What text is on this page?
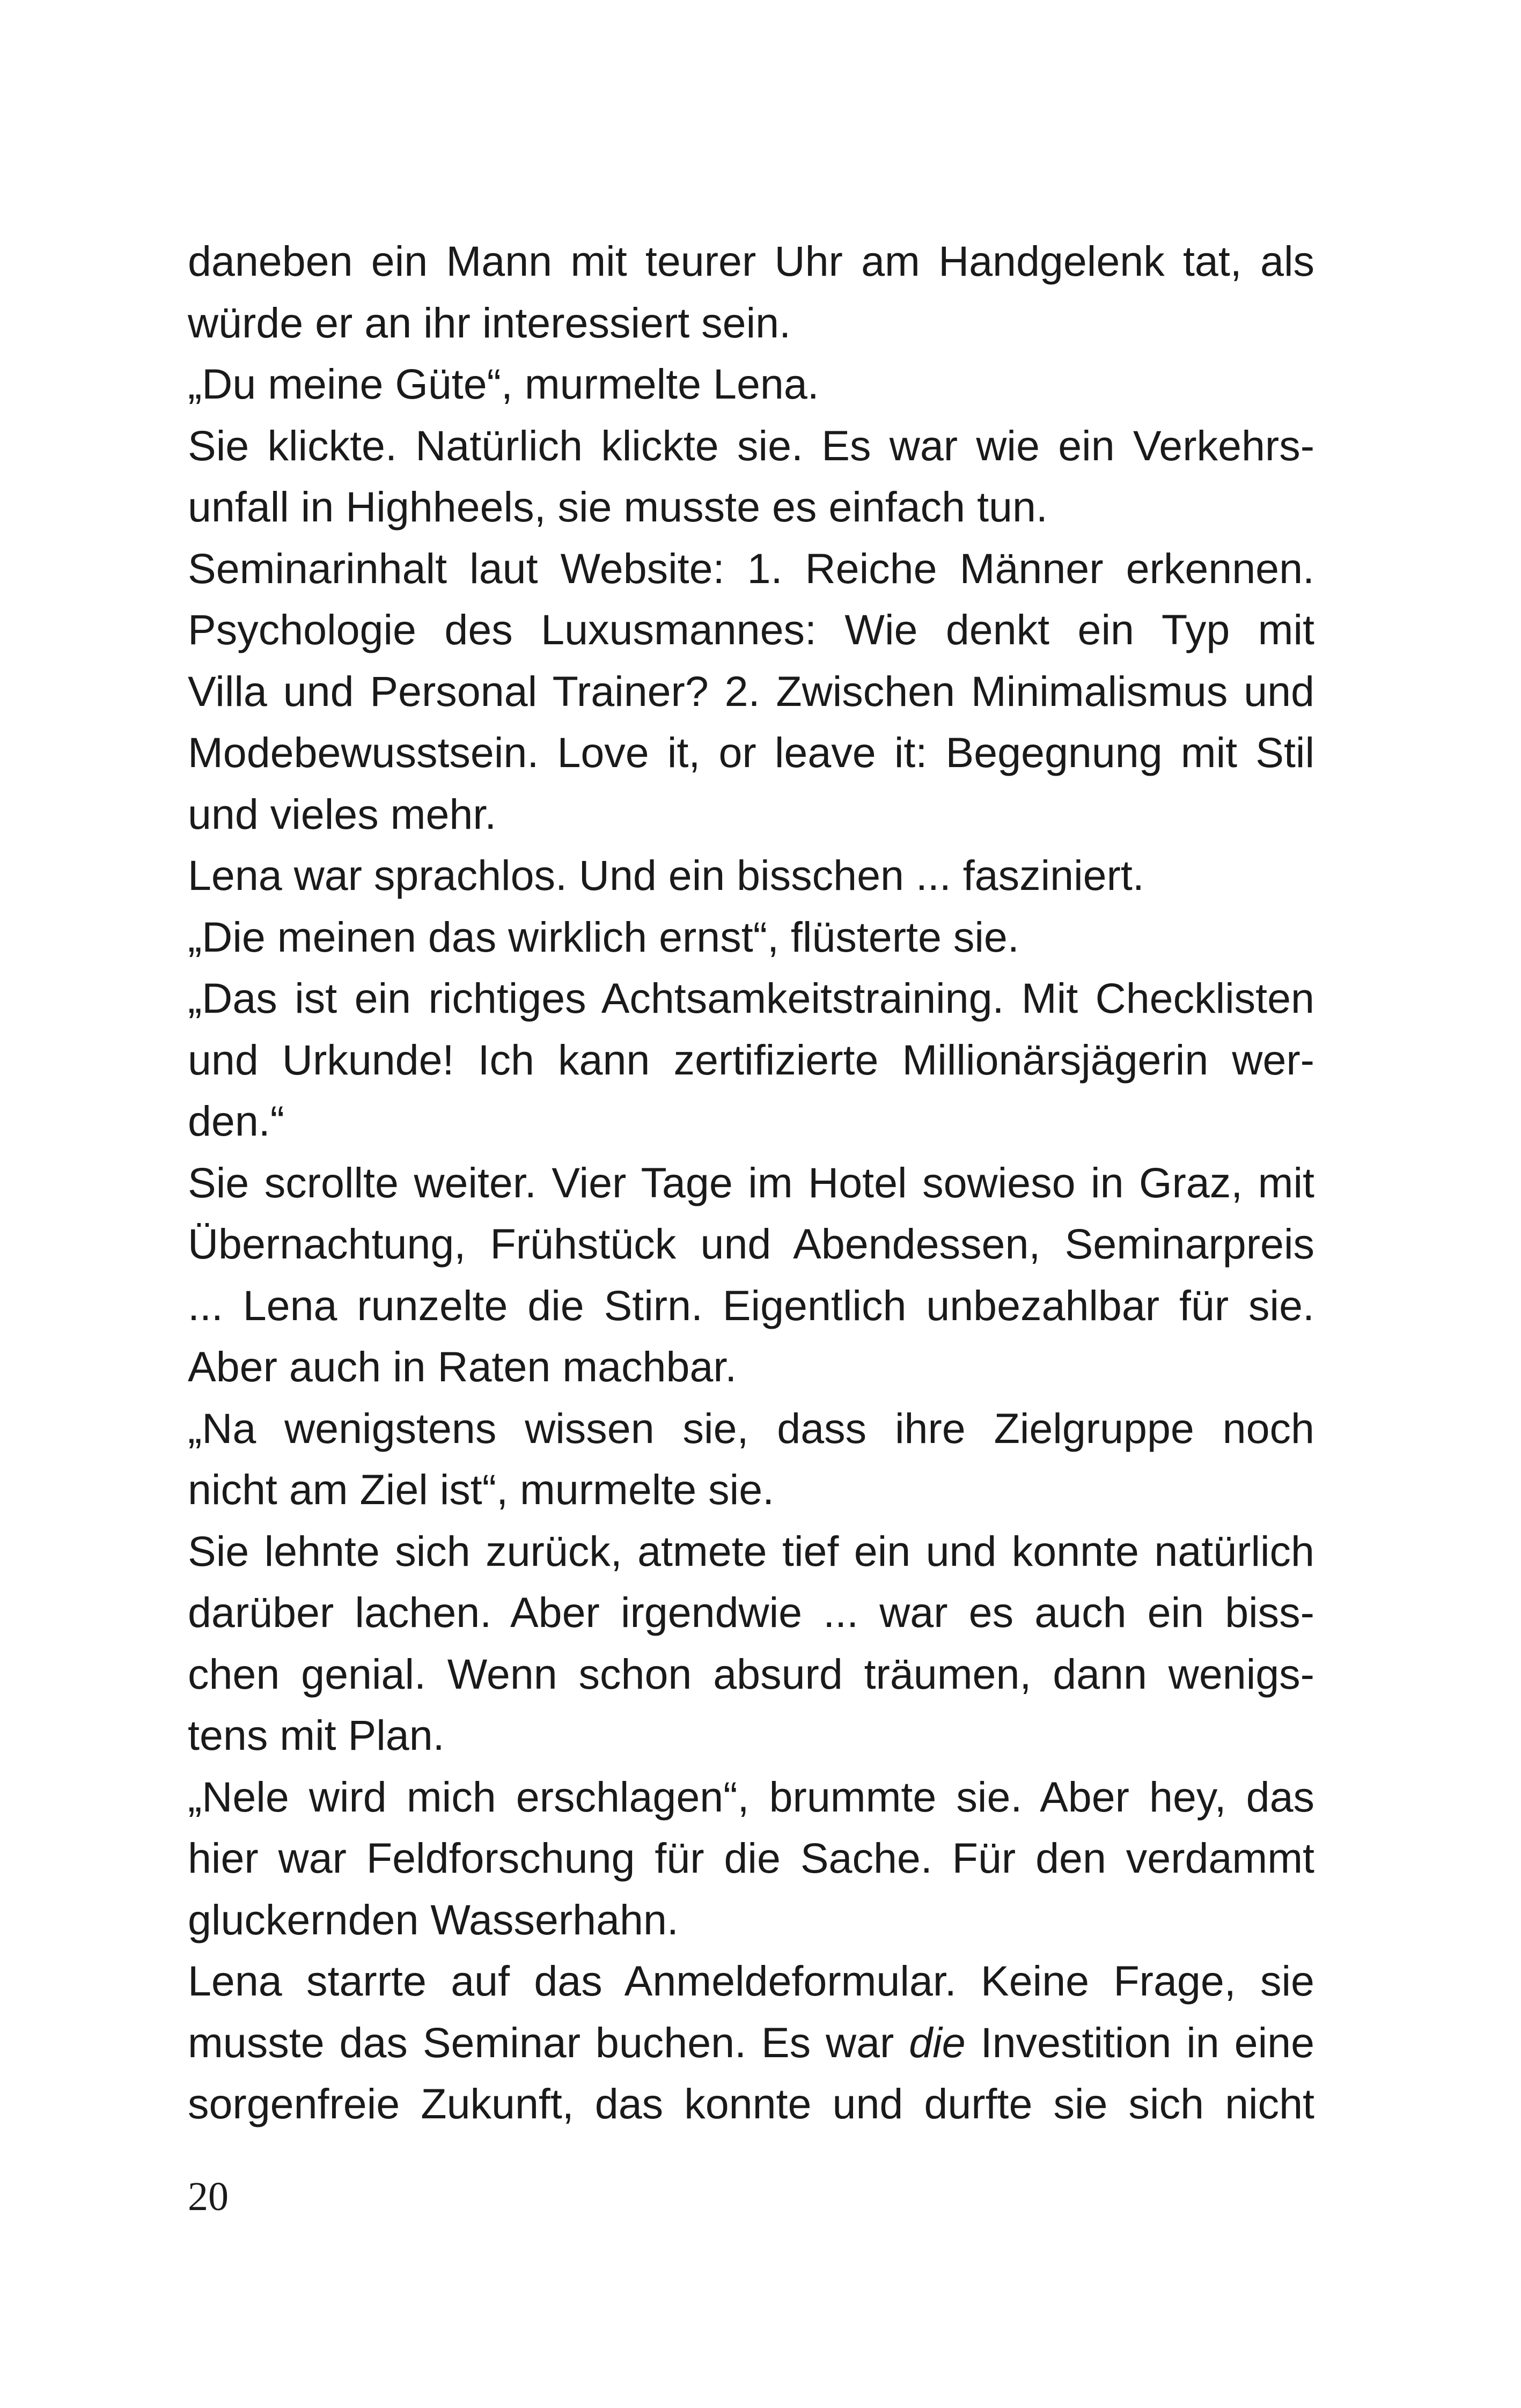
daneben ein Mann mit teurer Uhr am Handgelenk tat, als
würde er an ihr interessiert sein.
„Du meine Güte“, murmelte Lena.
Sie klickte. Natürlich klickte sie. Es war wie ein Verkehrs-
unfall in Highheels, sie musste es einfach tun.
Seminarinhalt laut Website: 1. Reiche Männer erkennen.
Psychologie des Luxusmannes: Wie denkt ein Typ mit
Villa und Personal Trainer? 2. Zwischen Minimalismus und
Modebewusstsein. Love it, or leave it: Begegnung mit Stil
und vieles mehr.
Lena war sprachlos. Und ein bisschen ... fasziniert.
„Die meinen das wirklich ernst“, flüsterte sie.
„Das ist ein richtiges Achtsamkeitstraining. Mit Checklisten
und Urkunde! Ich kann zertifizierte Millionärsjägerin wer-
den.“
Sie scrollte weiter. Vier Tage im Hotel sowieso in Graz, mit
Übernachtung, Frühstück und Abendessen, Seminarpreis
... Lena runzelte die Stirn. Eigentlich unbezahlbar für sie.
Aber auch in Raten machbar.
„Na wenigstens wissen sie, dass ihre Zielgruppe noch
nicht am Ziel ist“, murmelte sie.
Sie lehnte sich zurück, atmete tief ein und konnte natürlich
darüber lachen. Aber irgendwie ... war es auch ein biss-
chen genial. Wenn schon absurd träumen, dann wenigs-
tens mit Plan.
„Nele wird mich erschlagen“, brummte sie. Aber hey, das
hier war Feldforschung für die Sache. Für den verdammt
gluckernden Wasserhahn.
Lena starrte auf das Anmeldeformular. Keine Frage, sie
musste das Seminar buchen. Es war die Investition in eine
sorgenfreie Zukunft, das konnte und durfte sie sich nicht
20
